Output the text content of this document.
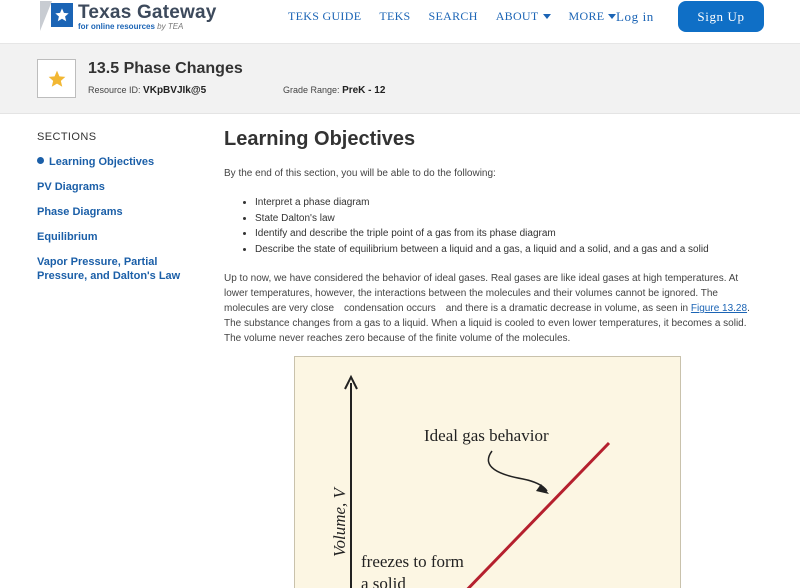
Texas Gateway
for online resources by TEA
TEKS GUIDE TEKS SEARCH ABOUT	MORE Log in	Sign Up
13.5 Phase Changes
Resource ID: VKpBVJIk@5	Grade Range: PreK - 12
SECTIONS
Learning Objectives
PV Diagrams
Phase Diagrams
Equilibrium
Vapor Pressure, Partial Pressure, and Dalton's Law
Learning Objectives

By the end of this section, you will be able to do the following:

• Interpret a phase diagram
• State Dalton's law
• Identify and describe the triple point of a gas from its phase diagram
• Describe the state of equilibrium between a liquid and a gas, a liquid and a solid, and a gas and a solid

Up to now, we have considered the behavior of ideal gases. Real gases are like ideal gases at high temperatures. At lower temperatures, however, the interactions between the molecules and their volumes cannot be ignored. The molecules are very close condensation occurs and there is a dramatic decrease in volume, as seen in Figure 13.28. The substance changes from a gas to a liquid. When a liquid is cooled to even lower temperatures, it becomes a solid. The volume never reaches zero because of the finite volume of the molecules.

Volume, V
Ideal gas behavior
freezes to form
a solid
